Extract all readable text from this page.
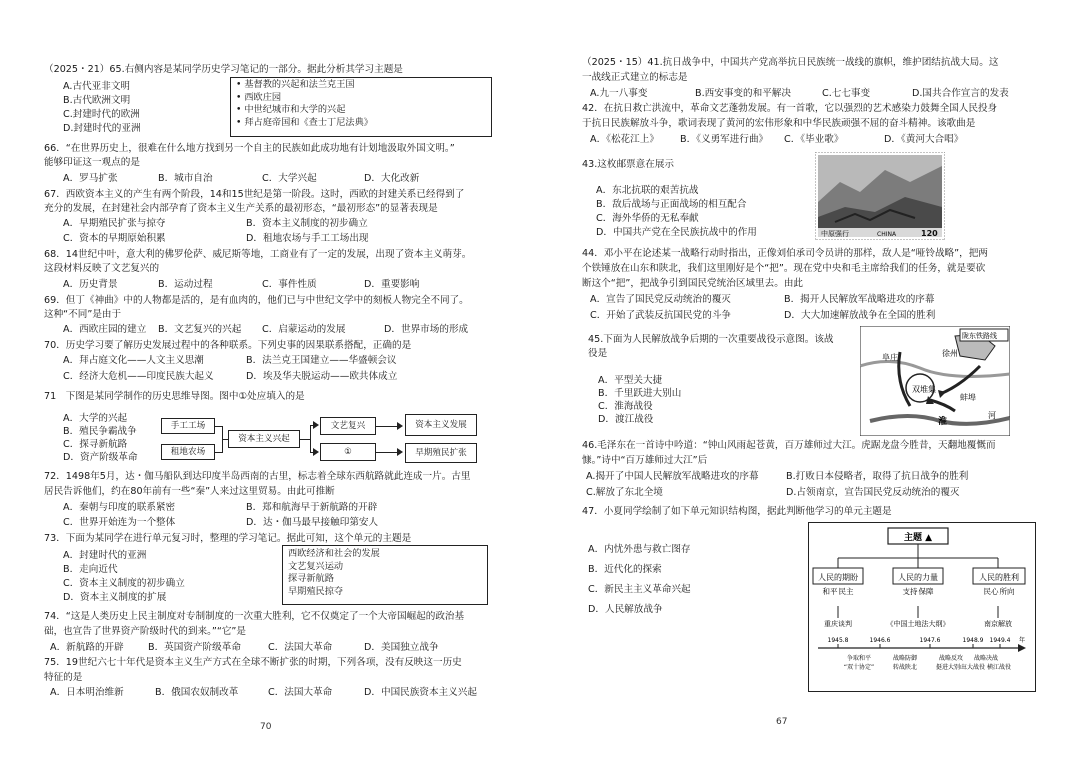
（2025・21）65.右侧内容是某同学历史学习笔记的一部分。据此分析其学习主题是
A.古代亚非文明
B.古代欧洲文明
C.封建时代的欧洲
D.封建时代的亚洲
• 基督教的兴起和法兰克王国
• 西欧庄园
• 中世纪城市和大学的兴起
• 拜占庭帝国和《查士丁尼法典》
66．“在世界历史上，很难在什么地方找到另一个自主的民族如此成功地有计划地汲取外国文明。”
能够印证这一观点的是
A．罗马扩张	B．城市自治	C．大学兴起	D．大化改新
67．西欧资本主义的产生有两个阶段，14和15世纪是第一阶段。这时，西欧的封建关系已经得到了
充分的发展，在封建社会内部孕育了资本主义生产关系的最初形态，“最初形态”的显著表现是
A．早期殖民扩张与掠夺	B．资本主义制度的初步确立
C．资本的早期原始积累	D．租地农场与手工工场出现
68．14世纪中叶，意大利的佛罗伦萨、威尼斯等地，工商业有了一定的发展，出现了资本主义萌芽。
这段材料反映了文艺复兴的
A．历史背景	B．运动过程	C．事件性质	D．重要影响
69．但丁《神曲》中的人物都是活的，是有血肉的，他们已与中世纪文学中的刻板人物完全不同了。
这种“不同”是由于
A．西欧庄园的建立 B．文艺复兴的兴起 C．启蒙运动的发展	D．世界市场的形成
70．历史学习要了解历史发展过程中的各种联系。下列史事的因果联系搭配，正确的是
A．拜占庭文化——人文主义思潮	B．法兰克王国建立——华盛顿会议
C．经济大危机——印度民族大起义	D．埃及华夫脱运动——欧共体成立
71　下图是某同学制作的历史思维导图。图中①处应填入的是
A．大学的兴起
B．殖民争霸战争
C．探寻新航路
D．资产阶级革命
手工工场
租地农场
资本主义兴起
文艺复兴
①
资本主义发展
早期殖民扩张
72．1498年5月，达・伽马船队到达印度半岛西南的古里，标志着全球东西航路就此连成一片。古里
居民告诉他们，约在80年前有一些“秦”人来过这里贸易。由此可推断
A．秦朝与印度的联系紧密	B．郑和航海早于新航路的开辟
C．世界开始连为一个整体	D．达・伽马最早接触印第安人
73．下面为某同学在进行单元复习时，整理的学习笔记。据此可知，这个单元的主题是
A．封建时代的亚洲
B．走向近代
C．资本主义制度的初步确立
D．资本主义制度的扩展
西欧经济和社会的发展
文艺复兴运动
探寻新航路
早期殖民掠夺
74．“这是人类历史上民主制度对专制制度的一次重大胜利，它不仅奠定了一个大帝国崛起的政治基
础，也宣告了世界资产阶级时代的到来。”“它”是
A．新航路的开辟	B．英国资产阶级革命	C．法国大革命	D．美国独立战争
75．19世纪六七十年代是资本主义生产方式在全球不断扩张的时期，下列各项，没有反映这一历史
特征的是
A．日本明治维新	B．俄国农奴制改革	C．法国大革命	D．中国民族资本主义兴起
70
（2025・15）41.抗日战争中，中国共产党高举抗日民族统一战线的旗帜，维护团结抗战大局。这
一战线正式建立的标志是
A.九一八事变	B.西安事变的和平解决	C.七七事变	D.国共合作宣言的发表
42．在抗日救亡洪流中，革命文艺蓬勃发展。有一首歌，它以强烈的艺术感染力鼓舞全国人民投身
于抗日民族解放斗争，歌词表现了黄河的宏伟形象和中华民族顽强不屈的奋斗精神。该歌曲是
A．《松花江上》 B．《义勇军进行曲》 C．《毕业歌》	D．《黄河大合唱》
43.这枚邮票意在展示
A．东北抗联的艰苦抗战
B．敌后战场与正面战场的相互配合
C．海外华侨的无私奉献
D．中国共产党在全民族抗战中的作用	中原强行	CHINA	120
44．邓小平在论述某一战略行动时指出，正像刘伯承司令员讲的那样，敌人是“哑铃战略”，把两
个铁锤放在山东和陕北，我们这里刚好是个“把”。现在党中央和毛主席给我们的任务，就是要砍
断这个“把”，把战争引到国民党统治区域里去。由此
A．宣告了国民党反动统治的覆灭	B．揭开人民解放军战略进攻的序幕
C．开始了武装反抗国民党的斗争	D．大大加速解放战争在全国的胜利
45.下面为人民解放战争后期的一次重要战役示意图。该战
役是
A．平型关大捷
B．千里跃进大别山
C．淮海战役
D．渡江战役
陇东铁路线
阜庄	徐州
双堆集
淮
蚌埠
河
46.毛泽东在一首诗中吟道：“钟山风雨起苍黄，百万雄师过大江。虎踞龙盘今胜昔，天翻地覆慨而
慷。”诗中“百万雄师过大江”后
A.揭开了中国人民解放军战略进攻的序幕	B.打败日本侵略者，取得了抗日战争的胜利
C.解放了东北全境	D.占领南京，宣告国民党反动统治的覆灭
47．小夏同学绘制了如下单元知识结构图，据此判断他学习的单元主题是
A．内忧外患与救亡图存
B．近代化的探索
C．新民主主义革命兴起
D．人民解放战争
主题 ▲
人民的期盼	人民的力量	人民的胜利
和平 民主	支持 保障	民心 所向
重庆谈判	《中国土地法大纲》	南京解放
1945.8	1946.6	1947.6	1948.9 1949.4 年
争取和平
“双十协定”
战略防御
转战陕北
战略反攻
挺进大别山
战略决战
三大战役 横江战役
67
